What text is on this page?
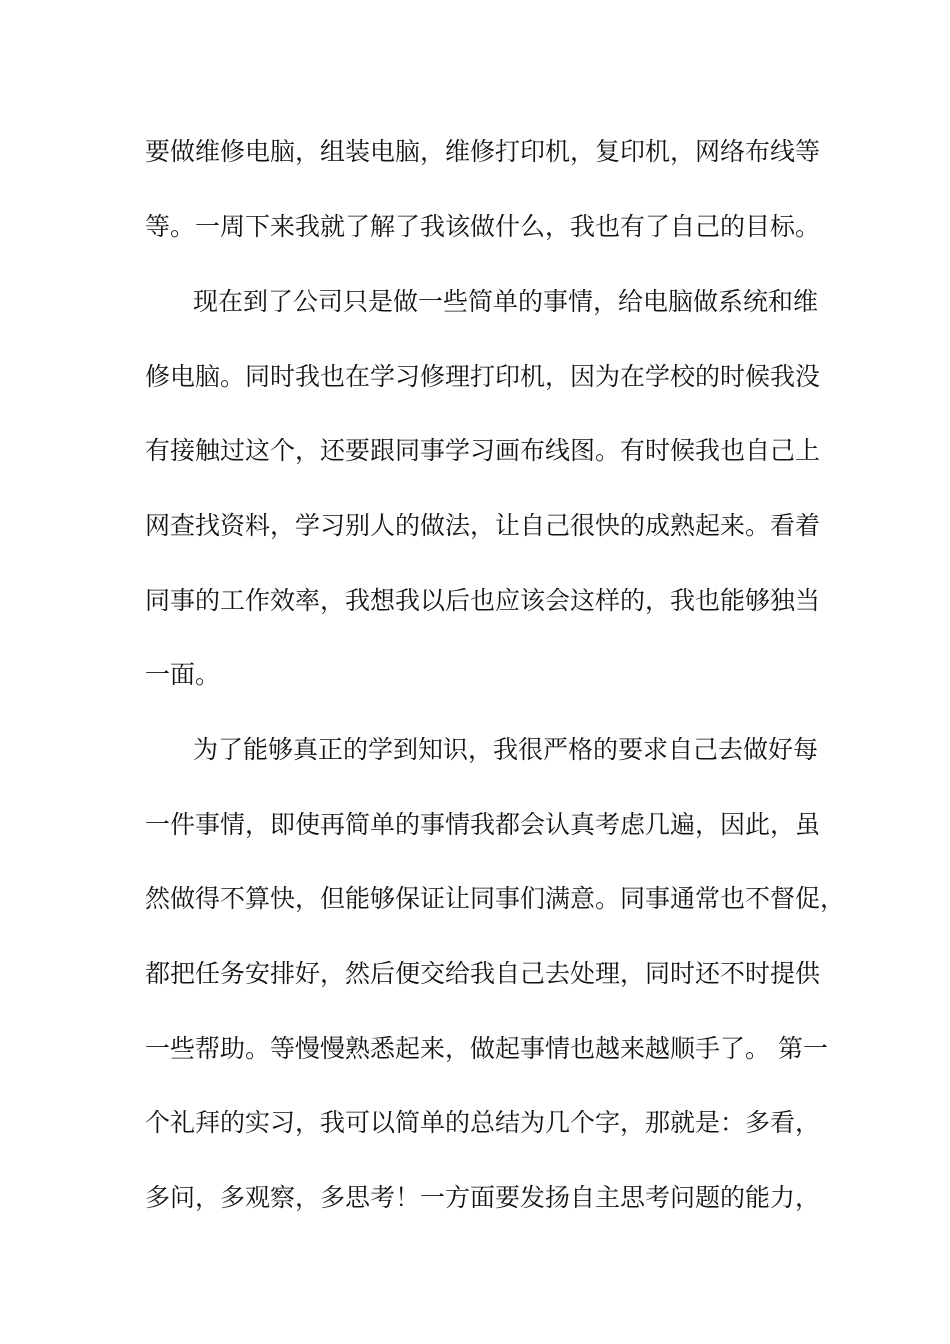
要做维修电脑，组装电脑，维修打印机，复印机，网络布线等
等。一周下来我就了解了我该做什么，我也有了自己的目标。
现在到了公司只是做一些简单的事情，给电脑做系统和维
修电脑。同时我也在学习修理打印机，因为在学校的时候我没
有接触过这个，还要跟同事学习画布线图。有时候我也自己上
网查找资料，学习别人的做法，让自己很快的成熟起来。看着
同事的工作效率，我想我以后也应该会这样的，我也能够独当
一面。
为了能够真正的学到知识，我很严格的要求自己去做好每
一件事情，即使再简单的事情我都会认真考虑几遍，因此，虽
然做得不算快，但能够保证让同事们满意。同事通常也不督促，
都把任务安排好，然后便交给我自己去处理，同时还不时提供
一些帮助。等慢慢熟悉起来，做起事情也越来越顺手了。 第一
个礼拜的实习，我可以简单的总结为几个字，那就是：多看，
多问，多观察，多思考！一方面要发扬自主思考问题的能力，
